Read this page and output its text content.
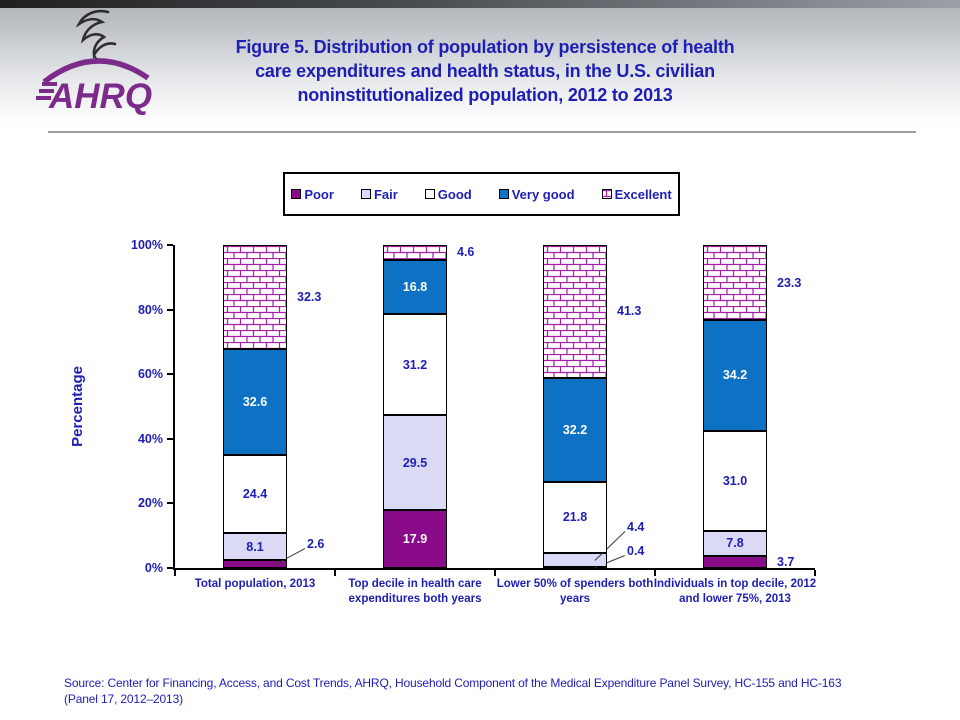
AHRQ
Figure 5. Distribution of population by persistence of health
care expenditures and health status, in the U.S. civilian
noninstitutionalized population, 2012 to 2013
Poor	Fair	Good	Very good	Excellent
Percentage
0%
20%
40%
60%
80%
100%
Total population, 2013	Top decile in health care expenditures both years
Lower 50% of spenders both years
Individuals in top decile, 2012 and lower 75%, 2013
2.6
8.1
24.4
32.6
32.3
17.9
29.5
31.2
16.8
4.6
0.4
4.4
21.8
32.2
41.3
3.7
7.8
31.0
34.2
23.3
Source: Center for Financing, Access, and Cost Trends, AHRQ, Household Component of the Medical Expenditure Panel Survey, HC-155 and HC-163
(Panel 17, 2012–2013)
